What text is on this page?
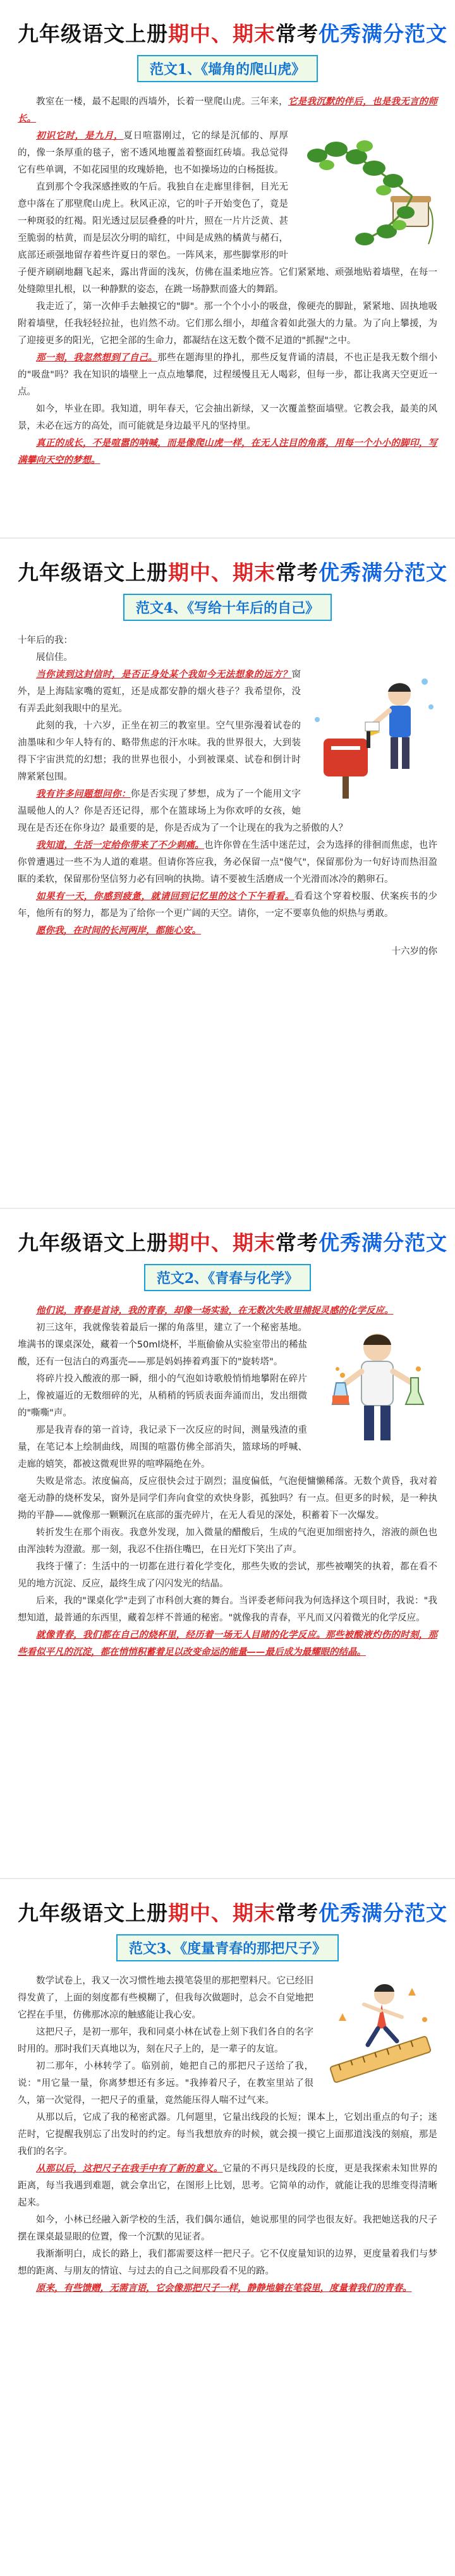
九年级语文上册期中、期末常考优秀满分范文
范文1、《墙角的爬山虎》

教室在一楼，最不起眼的西墙外，长着一壁爬山虎。三年来，它是我沉默的伴后，也是我无言的师长。

初识它时，是九月，夏日喧嚣刚过，它的绿是沉郁的、厚厚的，像一条厚重的毯子，密不透风地覆盖着整面红砖墙。我总觉得它有些单调，不如花园里的玫瑰娇艳，也不如操场边的白杨挺拔。

直到那个令我深感挫败的午后。我独自在走廊里徘徊，目光无意中落在了那壁爬山虎上。秋风正凉，它的叶子开始变色了，竟是一种斑驳的红褐。阳光透过层层叠叠的叶片，照在一片片泛黄、甚至脆弱的枯黄，而是层次分明的暗红，中间是成熟的橘黄与赭石，底部还顽强地留存着些许夏日的翠色。一阵风来，那些脚掌形的叶子便齐刷刷地翻飞起来，露出背面的浅灰，仿佛在温柔地应答。它们紧紧地、顽强地贴着墙壁，在每一处缝隙里扎根，以一种静默的姿态，在跳一场静默而盛大的舞蹈。

我走近了，第一次伸手去触摸它的"脚"。那一个个小小的吸盘，像硬壳的脚趾，紧紧地、固执地吸附着墙壁，任我轻轻拉扯，也岿然不动。它们那么细小，却蕴含着如此强大的力量。为了向上攀援，为了迎接更多的阳光，它把全部的生命力，都凝结在这无数个微不足道的"抓握"之中。

那一刻，我忽然想到了自己。那些在题海里的挣扎，那些反复背诵的清晨，不也正是我无数个细小的"吸盘"吗？我在知识的墙壁上一点点地攀爬，过程缓慢且无人喝彩，但每一步，都让我离天空更近一点。

如今，毕业在即。我知道，明年春天，它会抽出新绿，又一次覆盖整面墙壁。它教会我，最美的风景，未必在远方的高处，而可能就是身边最平凡的坚持里。

真正的成长，不是喧嚣的呐喊，而是像爬山虎一样，在无人注目的角落，用每一个小小的脚印，写满攀向天空的梦想。

九年级语文上册期中、期末常考优秀满分范文
范文4、《写给十年后的自己》

十年后的我：

展信佳。

当你读到这封信时，是否正身处某个我如今无法想象的远方？窗外，是上海陆家嘴的霓虹，还是成都安静的烟火巷子？我希望你，没有弄丢此刻我眼中的星光。

此刻的我，十六岁，正坐在初三的教室里。空气里弥漫着试卷的油墨味和少年人特有的、略带焦虑的汗水味。我的世界很大，大到装得下宇宙洪荒的幻想；我的世界也很小，小到被课桌、试卷和倒计时牌紧紧包围。

我有许多问题想问你：你是否实现了梦想，成为了一个能用文字温暖他人的人？你是否还记得，那个在篮球场上为你欢呼的女孩，她现在是否还在你身边？最重要的是，你是否成为了一个让现在的我为之骄傲的人？

我知道，生活一定给你带来了不少刺痛。也许你曾在生活中迷茫过，会为选择的徘徊而焦虑，也许你曾遭遇过一些不为人道的难堪。但请你答应我，务必保留一点"傻气"，保留那份为一句好诗而热泪盈眶的柔软，保留那份坚信努力必有回响的执拗。请不要被生活磨成一个光滑而冰冷的鹅卵石。

如果有一天，你感到疲惫，就请回到记忆里的这个下午看看。看看这个穿着校服、伏案疾书的少年，他所有的努力，都是为了给你一个更广阔的天空。请你，一定不要辜负他的炽热与勇敢。

愿你我，在时间的长河两岸，都能心安。

十六岁的你

九年级语文上册期中、期末常考优秀满分范文
范文2、《青春与化学》

他们说，青春是首诗，我的青春，却像一场实验，在无数次失败里捕捉灵感的化学反应。

初三这年，我就像装着最后一摞的角落里，建立了一个秘密基地。堆满书的课桌深处，藏着一个50ml烧杯，半瓶偷偷从实验室带出的稀盐酸，还有一包洁白的鸡蛋壳——那是妈妈捧着鸡蛋下的"旋转塔"。

将碎片投入酸液的那一瞬，细小的气泡如诗歌般悄悄地攀附在碎片上，像被逼近的无数细碎的光，从稍稍的钙质表面奔涌而出，发出细微的"嘶嘶"声。

那是我青春的第一首诗，我记录下一次反应的时间，测量残渣的重量，在笔记本上绘制曲线，周围的喧嚣仿佛全部消失，篮球场的呼喊、走廊的嬉笑，都被这微观世界的喧哗隔绝在外。

失败是常态。浓度偏高，反应很快会过于剧烈；温度偏低，气泡便慵懒稀落。无数个黄昏，我对着毫无动静的烧杯发呆，窗外是同学们奔向食堂的欢快身影，孤独吗？有一点。但更多的时候，是一种执拗的平静——就像那一颗颗沉在底部的蛋壳碎片，在无人看见的深处，积蓄着下一次爆发。

转折发生在那个雨夜。我意外发现，加入微量的醋酸后，生成的气泡更加细密持久，溶液的颜色也由浑浊转为澄澈。那一刻，我忍不住捂住嘴巴，在日光灯下笑出了声。

我终于懂了：生活中的一切都在进行着化学变化，那些失败的尝试，那些被嘲笑的执着，都在看不见的地方沉淀、反应，最终生成了闪闪发光的结晶。

后来，我的"课桌化学"走到了市科创大赛的舞台。当评委老师问我为何选择这个项目时，我说："我想知道，最普通的东西里，藏着怎样不普通的秘密。"就像我的青春，平凡而又闪着微光的化学反应。

就像青春，我们都在自己的烧杯里，经历着一场无人目睹的化学反应。那些被酸液灼伤的时刻，那些看似平凡的沉淀，都在悄悄积蓄着足以改变命运的能量——最后成为最耀眼的结晶。

九年级语文上册期中、期末常考优秀满分范文
范文3、《度量青春的那把尺子》

数学试卷上，我又一次习惯性地去摸笔袋里的那把塑料尺。它已经旧得发黄了，上面的刻度都有些模糊了，但我每次做题时，总会不自觉地把它捏在手里，仿佛那冰凉的触感能让我心安。

这把尺子，是初一那年，我和同桌小林在试卷上刻下我们各自的名字时用的。那时我们天真地以为，刻在尺子上的，是一辈子的友谊。

初二那年，小林转学了。临别前，她把自己的那把尺子送给了我，说："用它量一量，你离梦想还有多远。"我捧着尺子，在教室里站了很久，第一次觉得，一把尺子的重量，竟然能压得人喘不过气来。

从那以后，它成了我的秘密武器。几何题里，它量出线段的长短；课本上，它划出重点的句子；迷茫时，它提醒我别忘了出发时的约定。每当我想放弃的时候，就会摸一摸它上面那道浅浅的刻痕，那是我们的名字。

从那以后，这把尺子在我手中有了新的意义。它量的不再只是线段的长度，更是我探索未知世界的距离，每当我遇到难题，就会拿出它，在图形上比划，思考。它简单的动作，就能让我的思维变得清晰起来。

如今，小林已经融入新学校的生活，我们偶尔通信，她说那里的同学也很友好。我把她送我的尺子摆在课桌最显眼的位置，像一个沉默的见证者。

我渐渐明白，成长的路上，我们都需要这样一把尺子。它不仅度量知识的边界，更度量着我们与梦想的距离、与朋友的情谊、与过去的自己之间那段看不见的路。

原来，有些馈赠，无需言语，它会像那把尺子一样，静静地躺在笔袋里，度量着我们的青春。
